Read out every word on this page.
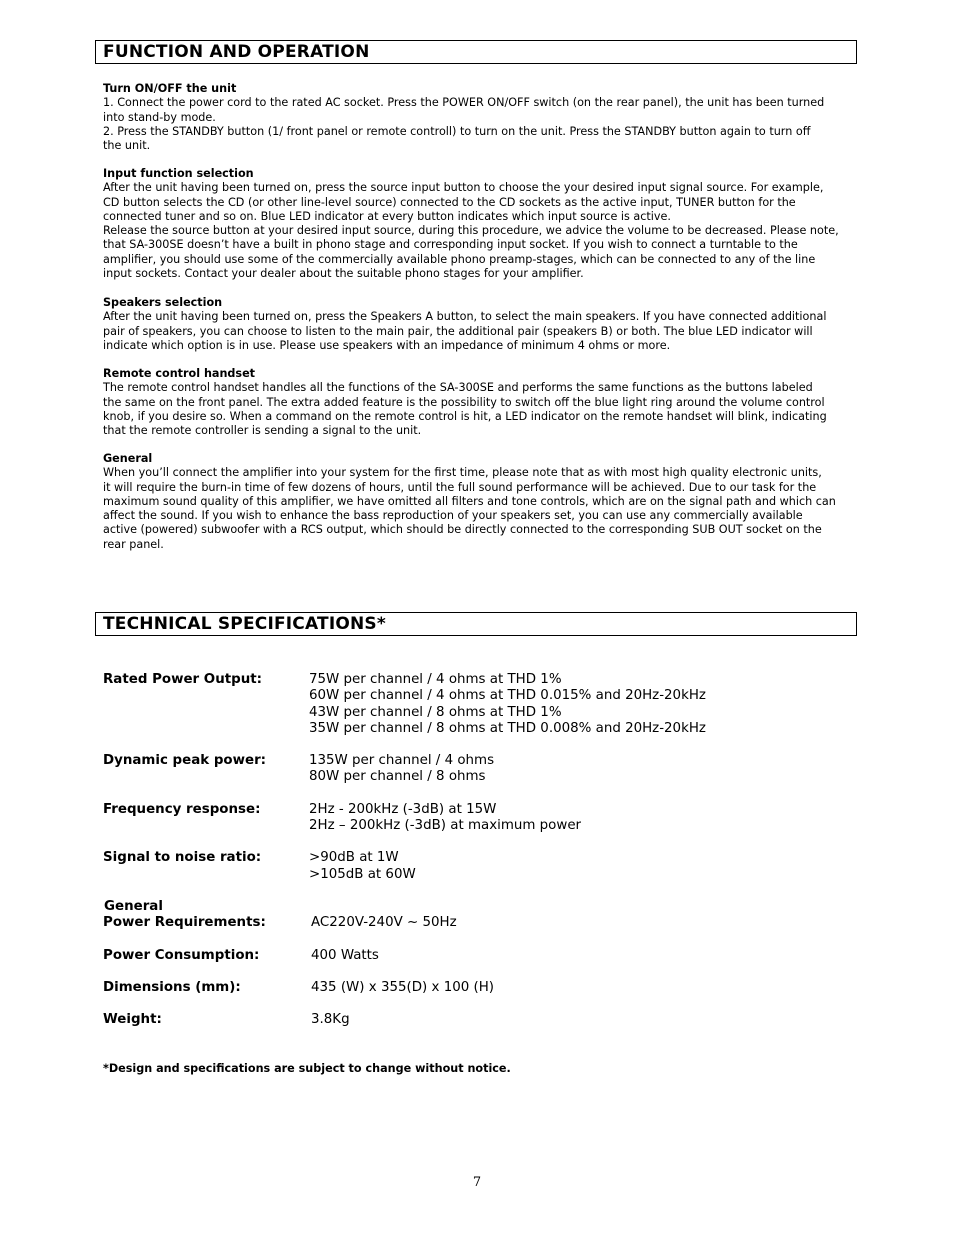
FUNCTION AND OPERATION
Turn ON/OFF the unit

1. Connect the power cord to the rated AC socket. Press the POWER ON/OFF switch (on the rear panel), the unit has been turned

into stand-by mode.

2. Press the STANDBY button (1/ front panel or remote controll) to turn on the unit. Press the STANDBY button again to turn off

the unit.

Input function selection

After the unit having been turned on, press the source input button to choose the your desired input signal source. For example,

CD button selects the CD (or other line-level source) connected to the CD sockets as the active input, TUNER button for the

connected tuner and so on. Blue LED indicator at every button indicates which input source is active.

Release the source button at your desired input source, during this procedure, we advice the volume to be decreased. Please note,

that SA-300SE doesn’t have a built in phono stage and corresponding input socket. If you wish to connect a turntable to the

amplifier, you should use some of the commercially available phono preamp-stages, which can be connected to any of the line

input sockets. Contact your dealer about the suitable phono stages for your amplifier.

Speakers selection

After the unit having been turned on, press the Speakers A button, to select the main speakers. If you have connected additional

pair of speakers, you can choose to listen to the main pair, the additional pair (speakers B) or both. The blue LED indicator will

indicate which option is in use. Please use speakers with an impedance of minimum 4 ohms or more.

Remote control handset

The remote control handset handles all the functions of the SA-300SE and performs the same functions as the buttons labeled

the same on the front panel. The extra added feature is the possibility to switch off the blue light ring around the volume control

knob, if you desire so. When a command on the remote control is hit, a LED indicator on the remote handset will blink, indicating

that the remote controller is sending a signal to the unit.

General

When you’ll connect the amplifier into your system for the first time, please note that as with most high quality electronic units,

it will require the burn-in time of few dozens of hours, until the full sound performance will be achieved. Due to our task for the

maximum sound quality of this amplifier, we have omitted all filters and tone controls, which are on the signal path and which can

affect the sound. If you wish to enhance the bass reproduction of your speakers set, you can use any commercially available

active (powered) subwoofer with a RCS output, which should be directly connected to the corresponding SUB OUT socket on the

rear panel.

TECHNICAL SPECIFICATIONS*
Rated Power Output:	75W per channel / 4 ohms at THD 1%
60W per channel / 4 ohms at THD 0.015% and 20Hz-20kHz
43W per channel / 8 ohms at THD 1%
35W per channel / 8 ohms at THD 0.008% and 20Hz-20kHz
Dynamic peak power:	135W per channel / 4 ohms
80W per channel / 8 ohms
Frequency response:	2Hz - 200kHz (-3dB) at 15W
2Hz – 200kHz (-3dB) at maximum power
Signal to noise ratio:	>90dB at 1W
>105dB at 60W
General
Power Requirements:	AC220V-240V ~ 50Hz
Power Consumption:	400 Watts
Dimensions (mm):	435 (W) x 355(D) x 100 (H)
Weight:	3.8Kg
*Design and specifications are subject to change without notice.
7
